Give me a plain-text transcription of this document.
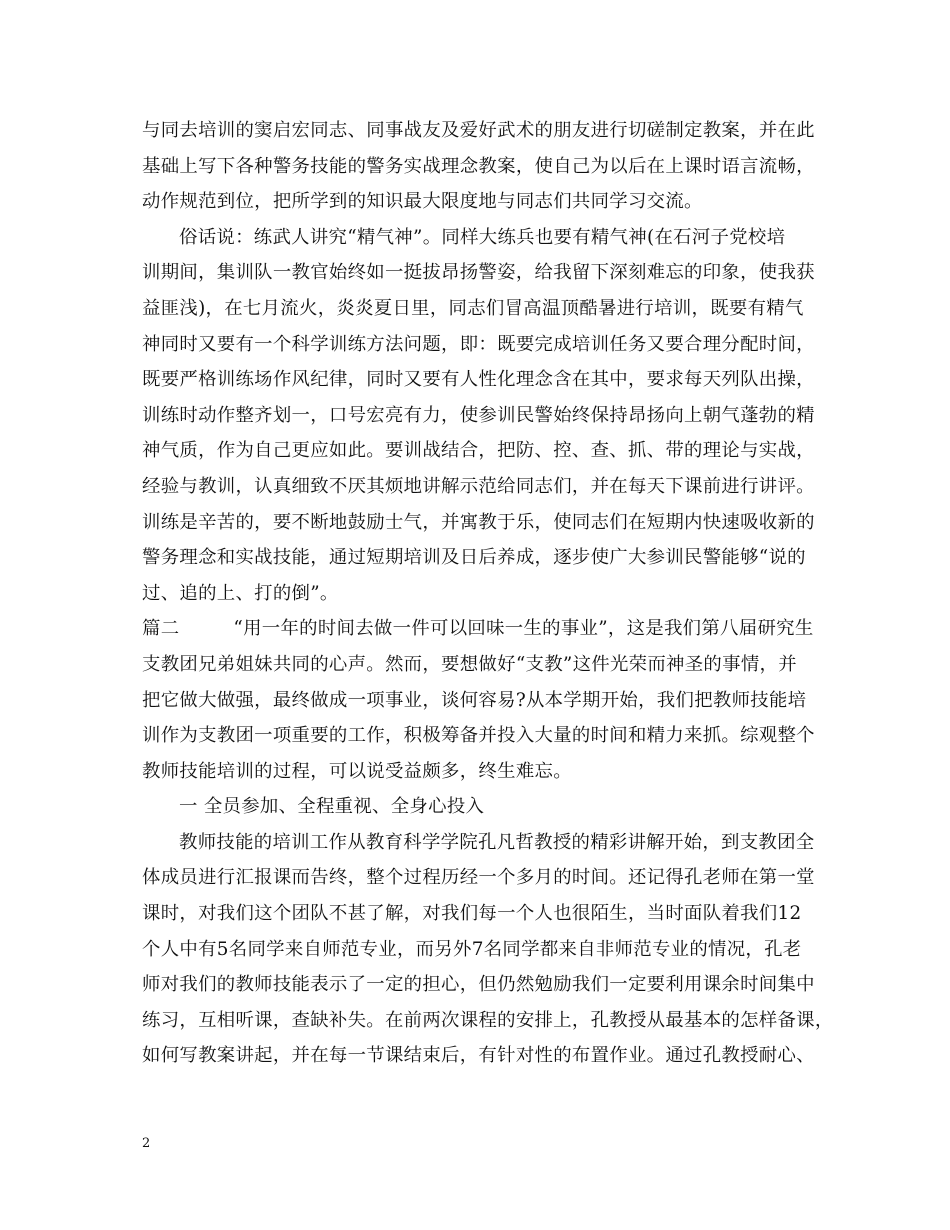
与同去培训的窦启宏同志、同事战友及爱好武术的朋友进行切磋制定教案，并在此
基础上写下各种警务技能的警务实战理念教案，使自己为以后在上课时语言流畅，
动作规范到位，把所学到的知识最大限度地与同志们共同学习交流。
俗话说：练武人讲究“精气神”。同样大练兵也要有精气神(在石河子党校培
训期间，集训队一教官始终如一挺拔昂扬警姿，给我留下深刻难忘的印象，使我获
益匪浅)，在七月流火，炎炎夏日里，同志们冒高温顶酷暑进行培训，既要有精气
神同时又要有一个科学训练方法问题，即：既要完成培训任务又要合理分配时间，
既要严格训练场作风纪律，同时又要有人性化理念含在其中，要求每天列队出操，
训练时动作整齐划一，口号宏亮有力，使参训民警始终保持昂扬向上朝气蓬勃的精
神气质，作为自己更应如此。要训战结合，把防、控、查、抓、带的理论与实战，
经验与教训，认真细致不厌其烦地讲解示范给同志们，并在每天下课前进行讲评。
训练是辛苦的，要不断地鼓励士气，并寓教于乐，使同志们在短期内快速吸收新的
警务理念和实战技能，通过短期培训及日后养成，逐步使广大参训民警能够“说的
过、追的上、打的倒”。
篇二	“用一年的时间去做一件可以回味一生的事业”，这是我们第八届研究生
支教团兄弟姐妹共同的心声。然而，要想做好“支教”这件光荣而神圣的事情，并
把它做大做强，最终做成一项事业，谈何容易?从本学期开始，我们把教师技能培
训作为支教团一项重要的工作，积极筹备并投入大量的时间和精力来抓。综观整个
教师技能培训的过程，可以说受益颇多，终生难忘。
一 全员参加、全程重视、全身心投入
教师技能的培训工作从教育科学学院孔凡哲教授的精彩讲解开始，到支教团全
体成员进行汇报课而告终，整个过程历经一个多月的时间。还记得孔老师在第一堂
课时，对我们这个团队不甚了解，对我们每一个人也很陌生，当时面队着我们12
个人中有5名同学来自师范专业，而另外7名同学都来自非师范专业的情况，孔老
师对我们的教师技能表示了一定的担心，但仍然勉励我们一定要利用课余时间集中
练习，互相听课，查缺补失。在前两次课程的安排上，孔教授从最基本的怎样备课，
如何写教案讲起，并在每一节课结束后，有针对性的布置作业。通过孔教授耐心、
2
